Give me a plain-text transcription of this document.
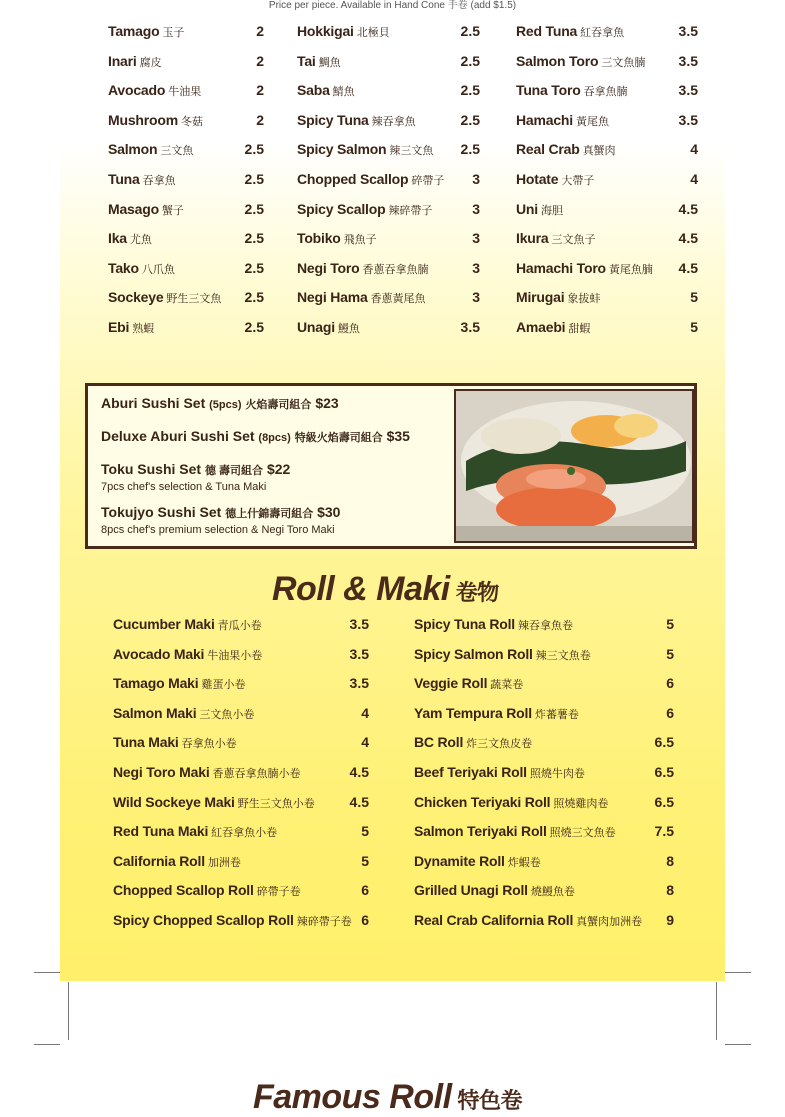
Price per piece. Available in Hand Cone 手卷 (add $1.5)
Tamago 玉子	2
Inari 腐皮	2
Avocado 牛油果	2
Mushroom 冬菇	2
Salmon 三文魚	2.5
Tuna 吞拿魚	2.5
Masago 蟹子	2.5
Ika 尤魚	2.5
Tako 八爪魚	2.5
Sockeye 野生三文魚 2.5
Ebi 熟蝦	2.5
Hokkigai 北極貝	2.5
Tai 鯛魚	2.5
Saba 鯖魚	2.5
Spicy Tuna 辣吞拿魚	2.5
Spicy Salmon 辣三文魚 2.5
Chopped Scallop 碎帶子 3
Spicy Scallop 辣碎帶子	3
Tobiko 飛魚子	3
Negi Toro 香蔥吞拿魚腩	3
Negi Hama 香蔥黃尾魚	3
Unagi 鰻魚	3.5
Red Tuna 紅吞拿魚	3.5
Salmon Toro 三文魚腩 3.5
Tuna Toro 吞拿魚腩	3.5
Hamachi 黃尾魚	3.5
Real Crab 真蟹肉	4
Hotate 大帶子	4
Uni 海胆	4.5
Ikura 三文魚子	4.5
Hamachi Toro 黃尾魚腩 4.5
Mirugai 象拔蚌	5
Amaebi 甜蝦	5
Aburi Sushi Set (5pcs) 火焰壽司組合 $23
Deluxe Aburi Sushi Set (8pcs) 特級火焰壽司組合 $35
Toku Sushi Set 德 壽司組合 $22
7pcs chef's selection & Tuna Maki
Tokujyo Sushi Set 德上什錦壽司組合 $30
8pcs chef's premium selection & Negi Toro Maki
Roll & Maki 卷物
Cucumber Maki 青瓜小卷	3.5
Avocado Maki 牛油果小卷	3.5
Tamago Maki 雞蛋小卷	3.5
Salmon Maki 三文魚小卷	4
Tuna Maki 吞拿魚小卷	4
Negi Toro Maki 香蔥吞拿魚腩小卷	4.5
Wild Sockeye Maki 野生三文魚小卷 4.5
Red Tuna Maki 紅吞拿魚小卷	5
California Roll 加洲卷	5
Chopped Scallop Roll 碎帶子卷	6
Spicy Chopped Scallop Roll 辣碎帶子卷 6
Spicy Tuna Roll 辣吞拿魚卷	5
Spicy Salmon Roll 辣三文魚卷	5
Veggie Roll 蔬菜卷	6
Yam Tempura Roll 炸蕃薯卷	6
BC Roll 炸三文魚皮卷	6.5
Beef Teriyaki Roll 照燒牛肉卷	6.5
Chicken Teriyaki Roll 照燒雞肉卷	6.5
Salmon Teriyaki Roll 照燒三文魚卷	7.5
Dynamite Roll 炸蝦卷	8
Grilled Unagi Roll 燒鰻魚卷	8
Real Crab California Roll 真蟹肉加洲卷 9
Famous Roll 特色卷
